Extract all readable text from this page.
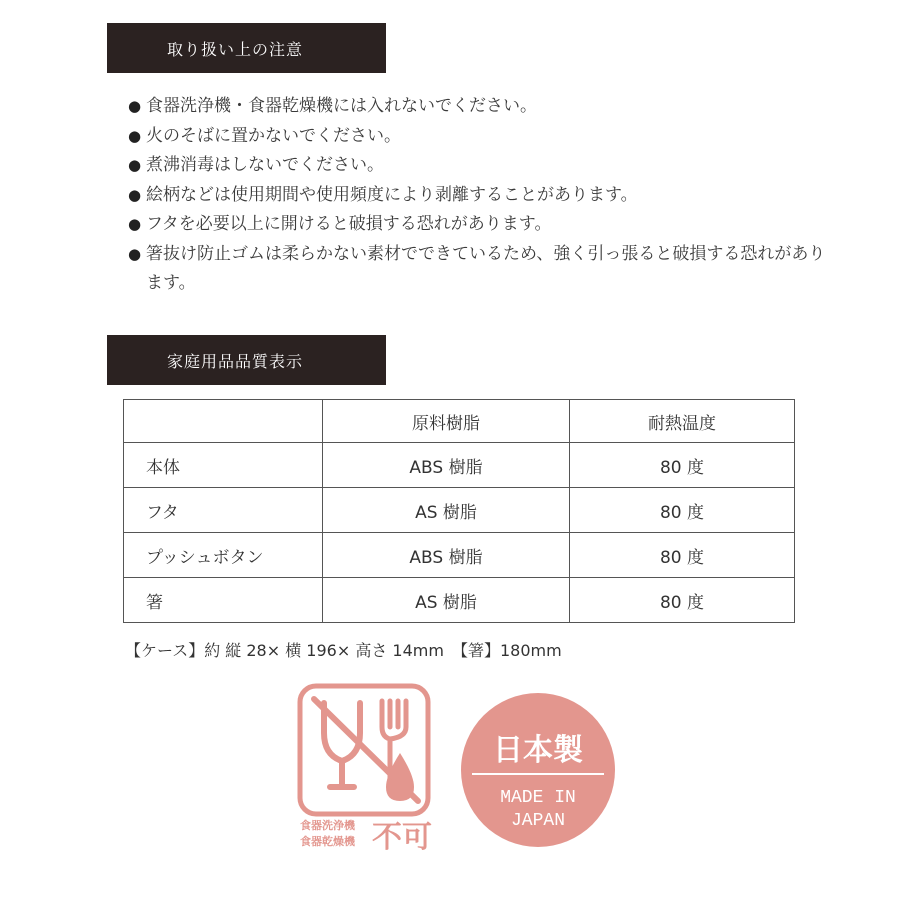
取り扱い上の注意
● 食器洗浄機・食器乾燥機には入れないでください。
● 火のそばに置かないでください。
● 煮沸消毒はしないでください。
● 絵柄などは使用期間や使用頻度により剥離することがあります。
● フタを必要以上に開けると破損する恐れがあります。
● 箸抜け防止ゴムは柔らかない素材でできているため、強く引っ張ると破損する恐れがあります。
家庭用品品質表示
	原料樹脂	耐熱温度
本体	ABS 樹脂	80 度
フタ	AS 樹脂	80 度
プッシュボタン	ABS 樹脂	80 度
箸	AS 樹脂	80 度
【ケース】約 縦 28× 横 196× 高さ 14mm　【箸】180mm
食器洗浄機
食器乾燥機 不可
日本製
MADE IN
JAPAN
